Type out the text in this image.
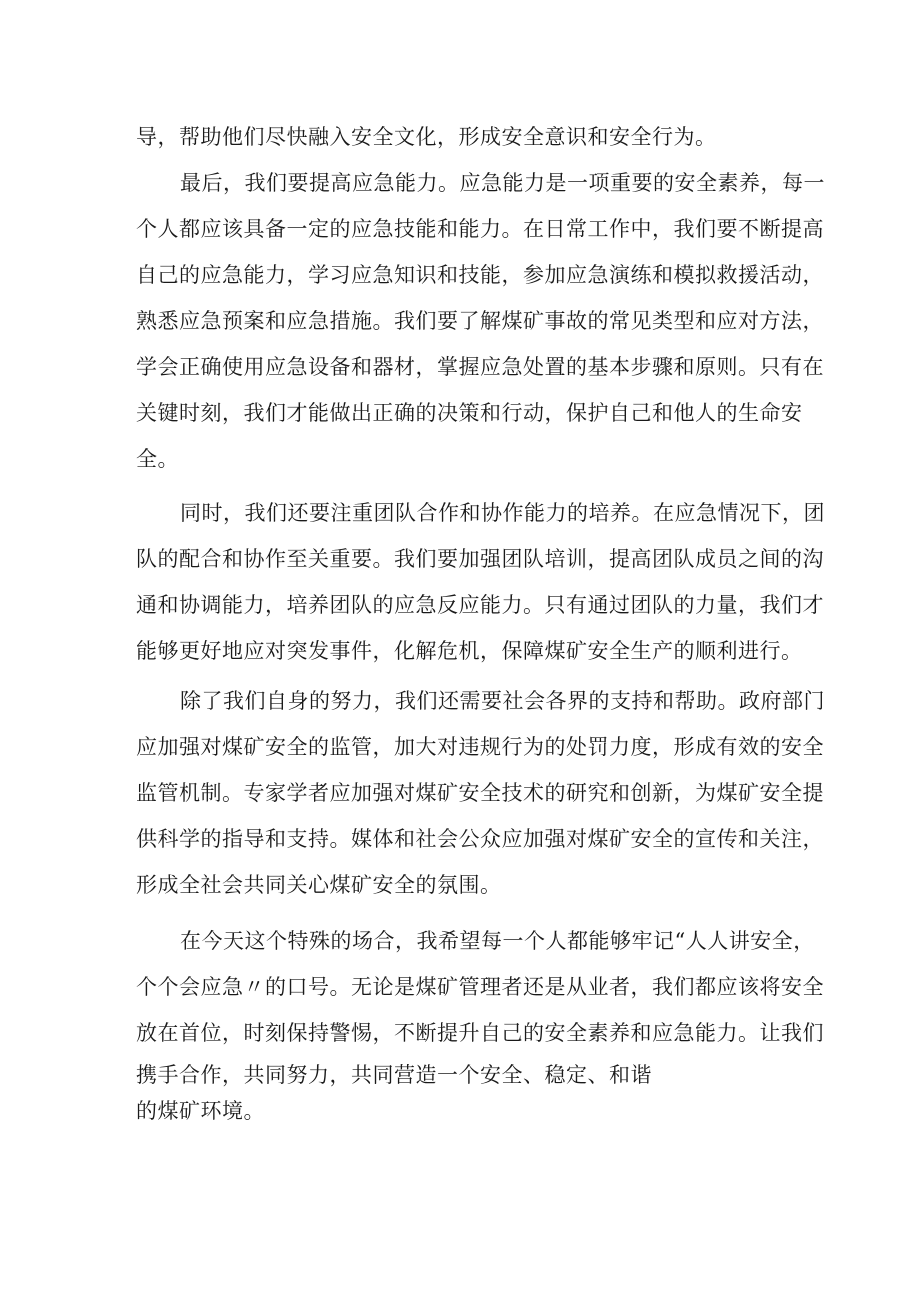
导，帮助他们尽快融入安全文化，形成安全意识和安全行为。
最后，我们要提高应急能力。应急能力是一项重要的安全素养，每一
个人都应该具备一定的应急技能和能力。在日常工作中，我们要不断提高
自己的应急能力，学习应急知识和技能，参加应急演练和模拟救援活动，
熟悉应急预案和应急措施。我们要了解煤矿事故的常见类型和应对方法，
学会正确使用应急设备和器材，掌握应急处置的基本步骤和原则。只有在
关键时刻，我们才能做出正确的决策和行动，保护自己和他人的生命安
全。
同时，我们还要注重团队合作和协作能力的培养。在应急情况下，团
队的配合和协作至关重要。我们要加强团队培训，提高团队成员之间的沟
通和协调能力，培养团队的应急反应能力。只有通过团队的力量，我们才
能够更好地应对突发事件，化解危机，保障煤矿安全生产的顺利进行。
除了我们自身的努力，我们还需要社会各界的支持和帮助。政府部门
应加强对煤矿安全的监管，加大对违规行为的处罚力度，形成有效的安全
监管机制。专家学者应加强对煤矿安全技术的研究和创新，为煤矿安全提
供科学的指导和支持。媒体和社会公众应加强对煤矿安全的宣传和关注，
形成全社会共同关心煤矿安全的氛围。
在今天这个特殊的场合，我希望每一个人都能够牢记“人人讲安全，
个个会应急〃的口号。无论是煤矿管理者还是从业者，我们都应该将安全
放在首位，时刻保持警惕，不断提升自己的安全素养和应急能力。让我们
携手合作，共同努力，共同营造一个安全、稳定、和谐
的煤矿环境。
